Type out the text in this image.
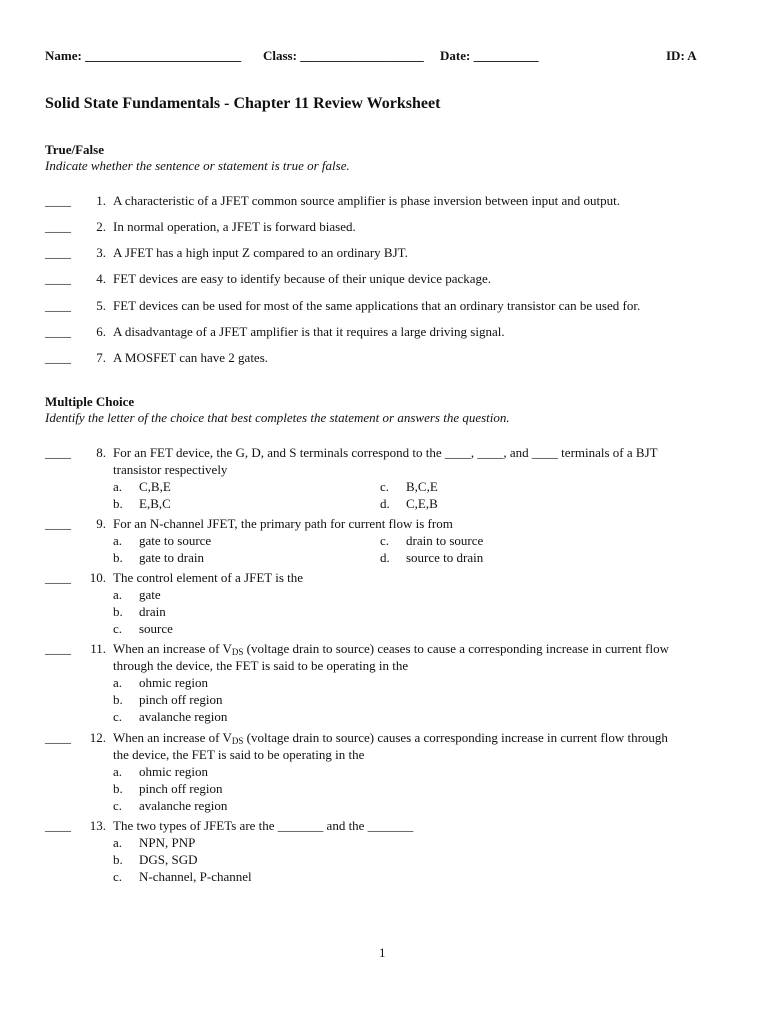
Name: ________________________ Class: ___________________ Date: __________	ID: A
Solid State Fundamentals - Chapter 11 Review Worksheet
True/False
Indicate whether the sentence or statement is true or false.
____	1. A characteristic of a JFET common source amplifier is phase inversion between input and output.
____	2. In normal operation, a JFET is forward biased.
____	3. A JFET has a high input Z compared to an ordinary BJT.
____	4. FET devices are easy to identify because of their unique device package.
____	5. FET devices can be used for most of the same applications that an ordinary transistor can be used for.
____	6. A disadvantage of a JFET amplifier is that it requires a large driving signal.
____	7. A MOSFET can have 2 gates.
Multiple Choice
Identify the letter of the choice that best completes the statement or answers the question.
____	8. For an FET device, the G, D, and S terminals correspond to the ____, ____, and ____ terminals of a BJT
transistor respectively
a.	C,B,E
b.	E,B,C
c.	B,C,E
d.	C,E,B
____	9. For an N-channel JFET, the primary path for current flow is from
a.	gate to source
b.	gate to drain
c.	drain to source
d.	source to drain
____	10. The control element of a JFET is the
a.	gate
b.	drain
c.	source
____	11. When an increase of $V_{DS}$ (voltage drain to source) ceases to cause a corresponding increase in current flow
through the device, the FET is said to be operating in the
a.	ohmic region
b.	pinch off region
c.	avalanche region
____	12. When an increase of $V_{DS}$ (voltage drain to source) causes a corresponding increase in current flow through
the device, the FET is said to be operating in the
a.	ohmic region
b.	pinch off region
c.	avalanche region
____	13. The two types of JFETs are the _______ and the _______
a.	NPN, PNP
b.	DGS, SGD
c.	N-channel, P-channel
1
